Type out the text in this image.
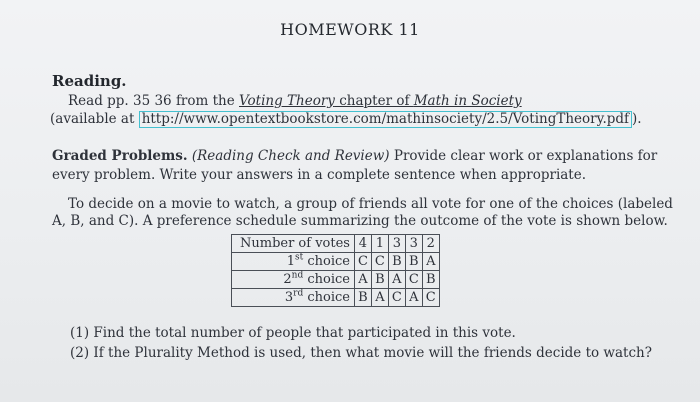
HOMEWORK 11
Reading.
Read pp. 35 36 from the Voting Theory chapter of Math in Society
(available at http://www.opentextbookstore.com/mathinsociety/2.5/VotingTheory.pdf ).
Graded Problems. (Reading Check and Review) Provide clear work or explanations for
every problem. Write your answers in a complete sentence when appropriate.
To decide on a movie to watch, a group of friends all vote for one of the choices (labeled
A, B, and C). A preference schedule summarizing the outcome of the vote is shown below.
Number of votes	4	1	3	3	2
1st choice	C	C	B	B	A
2nd choice	A	B	A	C	B
3rd choice	B	A	C	A	C
(1) Find the total number of people that participated in this vote.
(2) If the Plurality Method is used, then what movie will the friends decide to watch?
